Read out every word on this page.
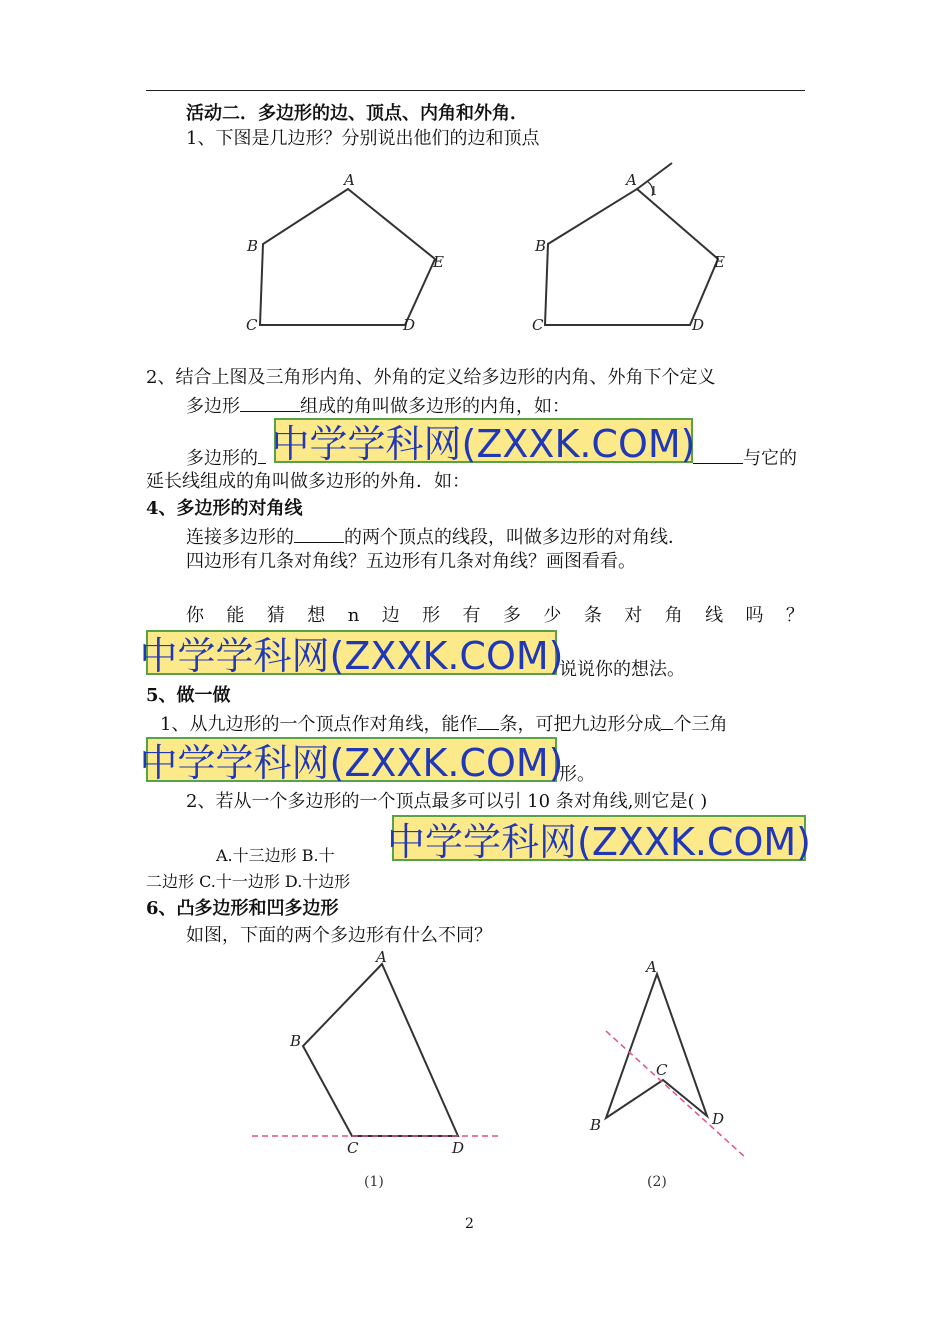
活动二．多边形的边、顶点、内角和外角．
1、下图是几边形？分别说出他们的边和顶点
A
B
C	D
E
A
1
B
C	D
E
2、结合上图及三角形内角、外角的定义给多边形的内角、外角下个定义
多边形	组成的角叫做多边形的内角，如：
多边形的 中学学科网(ZXXK.COM)	与它的
延长线组成的角叫做多边形的外角．如：
4、多边形的对角线
连接多边形的	的两个顶点的线段，叫做多边形的对角线．
四边形有几条对角线？五边形有几条对角线？画图看看。
你 能 猜 想 n 边 形 有 多 少 条 对 角 线 吗 ？
中学学科网(ZXXK.COM)
说说你的想法。
5、做一做
1、从九边形的一个顶点作对角线，能作 条，可把九边形分成 个三角
中学学科网(ZXXK.COM)
形。
2、若从一个多边形的一个顶点最多可以引 10 条对角线,则它是( )
A.十三边形 B.十 中学学科网(ZXXK.COM)
二边形 C.十一边形 D.十边形
6、凸多边形和凹多边形
如图，下面的两个多边形有什么不同？
A
B
C	D
(1)
A
B
C
D
(2)
2
